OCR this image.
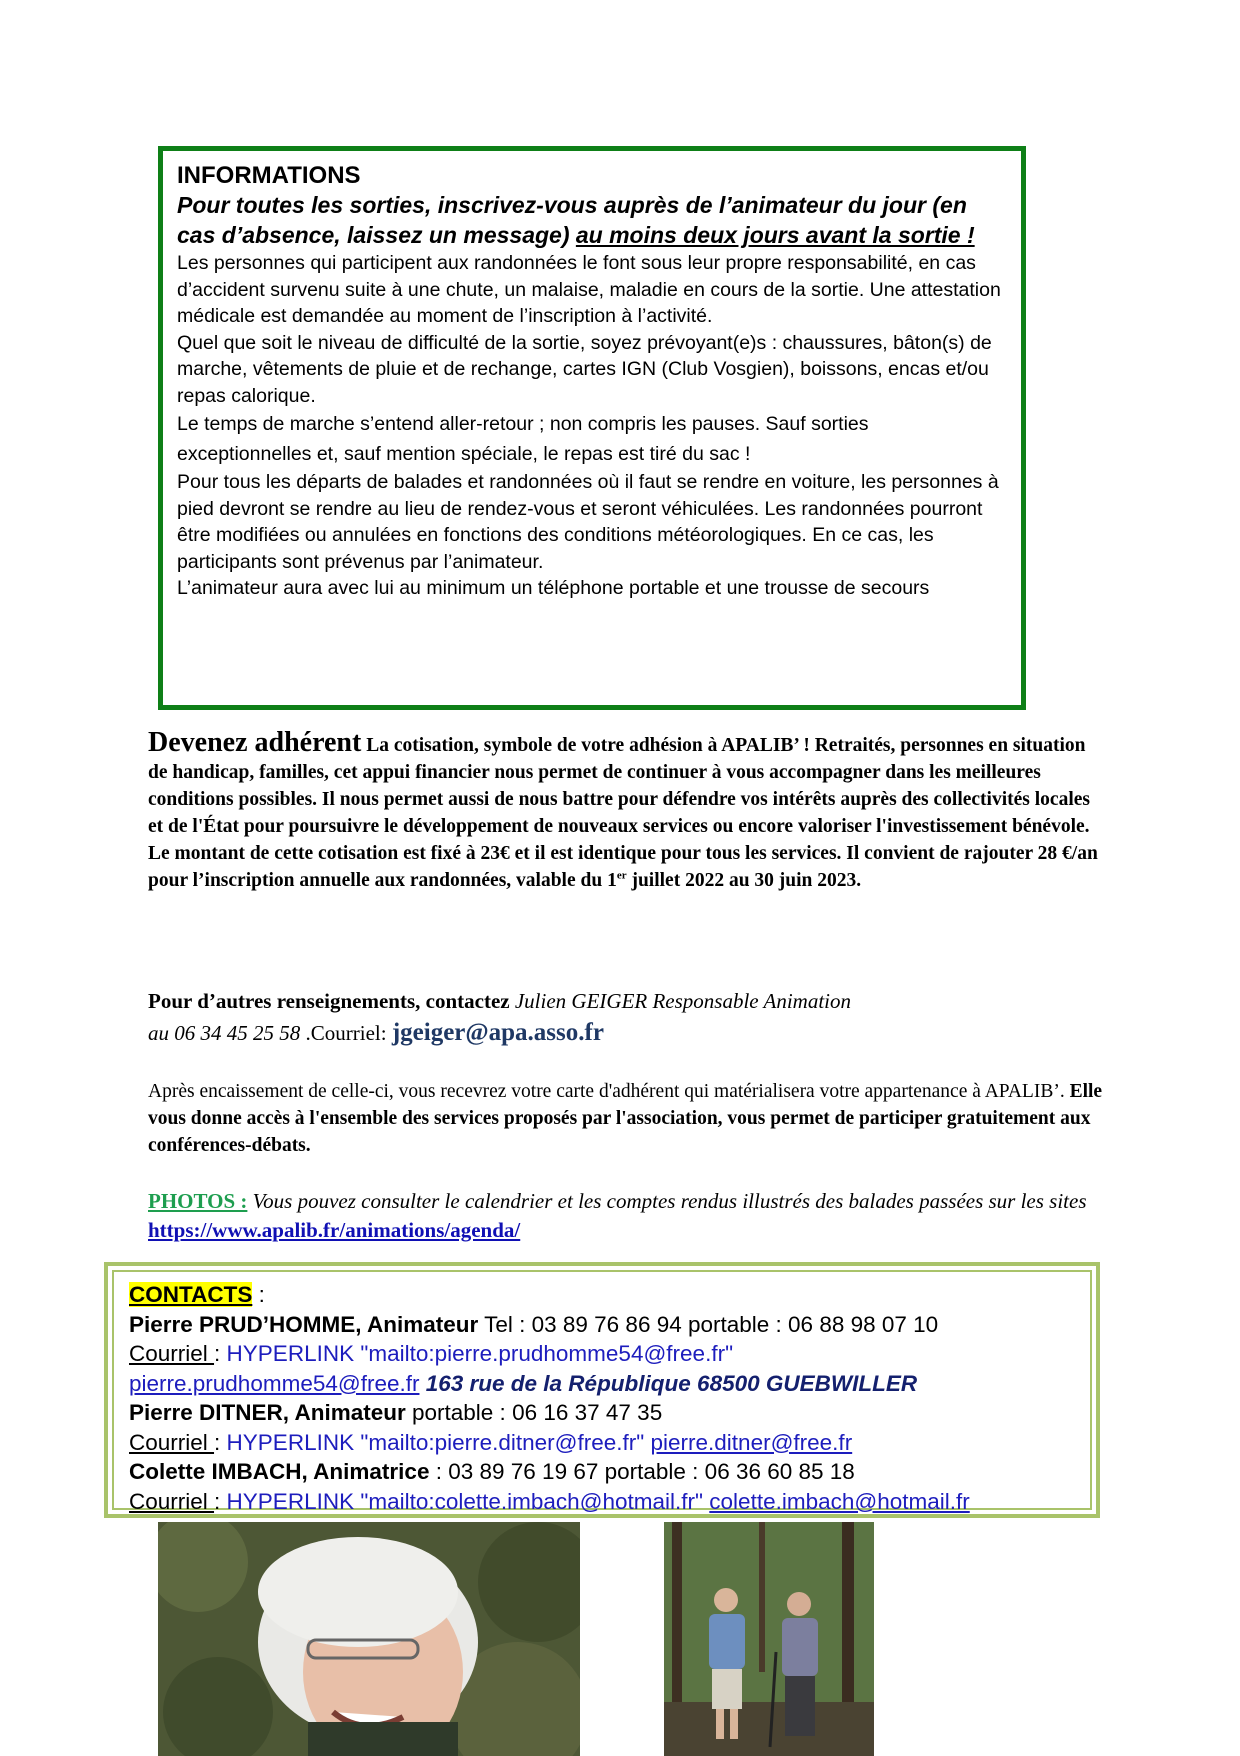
INFORMATIONS
Pour toutes les sorties, inscrivez-vous auprès de l’animateur du jour (en cas d’absence, laissez un message) au moins deux jours avant la sortie !

Les personnes qui participent aux randonnées le font sous leur propre responsabilité, en cas d’accident survenu suite à une chute, un malaise, maladie en cours de la sortie. Une attestation médicale est demandée au moment de l’inscription à l’activité.

Quel que soit le niveau de difficulté de la sortie, soyez prévoyant(e)s : chaussures, bâton(s) de marche, vêtements de pluie et de rechange, cartes IGN (Club Vosgien), boissons, encas et/ou repas calorique.

Le temps de marche s’entend aller-retour ; non compris les pauses. Sauf sorties exceptionnelles et, sauf mention spéciale, le repas est tiré du sac !

Pour tous les départs de balades et randonnées où il faut se rendre en voiture, les personnes à pied devront se rendre au lieu de rendez-vous et seront véhiculées. Les randonnées pourront être modifiées ou annulées en fonctions des conditions météorologiques. En ce cas, les participants sont prévenus par l’animateur.

L’animateur aura avec lui au minimum un téléphone portable et une trousse de secours

Devenez adhérent La cotisation, symbole de votre adhésion à APALIB’ ! Retraités, personnes en situation de handicap, familles, cet appui financier nous permet de continuer à vous accompagner dans les meilleures conditions possibles. Il nous permet aussi de nous battre pour défendre vos intérêts auprès des collectivités locales et de l'État pour poursuivre le développement de nouveaux services ou encore valoriser l'investissement bénévole. Le montant de cette cotisation est fixé à 23€ et il est identique pour tous les services. Il convient de rajouter 28 €/an pour l’inscription annuelle aux randonnées, valable du 1er juillet 2022 au 30 juin 2023.

Pour d’autres renseignements, contactez Julien GEIGER Responsable Animation
au 06 34 45 25 58 .Courriel: jgeiger@apa.asso.fr

Après encaissement de celle-ci, vous recevrez votre carte d'adhérent qui matérialisera votre appartenance à APALIB’. Elle vous donne accès à l'ensemble des services proposés par l'association, vous permet de participer gratuitement aux conférences-débats.

PHOTOS : Vous pouvez consulter le calendrier et les comptes rendus illustrés des balades passées sur les sites https://www.apalib.fr/animations/agenda/
CONTACTS :
Pierre PRUD’HOMME, Animateur Tel : 03 89 76 86 94 portable : 06 88 98 07 10
Courriel : HYPERLINK "mailto:pierre.prudhomme54@free.fr"
pierre.prudhomme54@free.fr 163 rue de la République 68500 GUEBWILLER
Pierre DITNER, Animateur portable : 06 16 37 47 35
Courriel : HYPERLINK "mailto:pierre.ditner@free.fr" pierre.ditner@free.fr
Colette IMBACH, Animatrice : 03 89 76 19 67 portable : 06 36 60 85 18
Courriel : HYPERLINK "mailto:colette.imbach@hotmail.fr" colette.imbach@hotmail.fr
